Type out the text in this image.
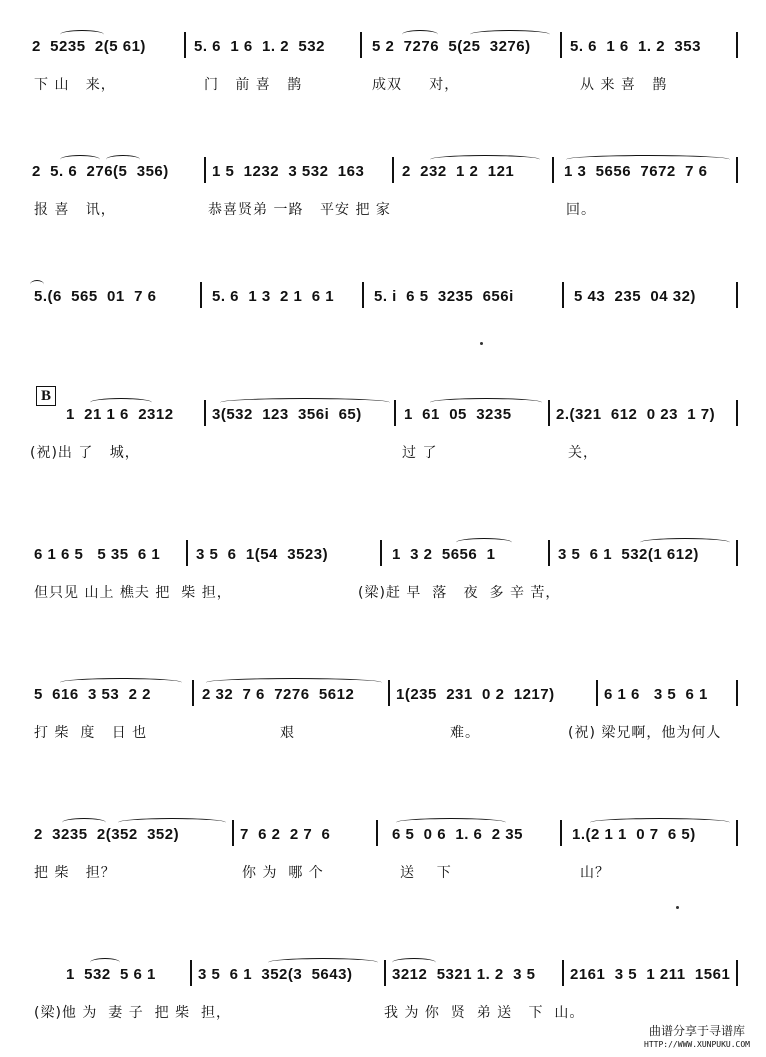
2  5235  2(5 61)	5. 6  1 6  1. 2  532	5 2  7276  5(25  3276)	5. 6  1 6  1. 2  353
下 山   来，	门   前 喜   鹊	成双     对，	从 来 喜   鹊
2  5. 6  276(5  356)	1 5  1232  3 532  163	2  232  1 2  121	1 3  5656  7672  7 6
报 喜   讯，	恭喜贤弟 一路 平安 把 家	回。
5.(6  565  01  7 6	5. 6  1 3  2 1  6 1	5. i  6 5  3235  656i	5 43  235  04 32)
B
1  21 1 6  2312	3(532  123  356i  65)	1  61  05  3235	2.(321  612  0 23  1 7)
(祝)出 了   城，	过 了	关，
6 1 6 5   5 35  6 1 3 5  6  1(54  3523)	1  3 2  5656  1	3 5  6 1  532(1 612)
但只见 山上 樵夫 把  柴 担，	(梁)赶 早  落   夜  多 辛 苦，
5  616  3 53  2 2	2 32  7 6  7276  5612	1(235  231  0 2  1217)	6 1 6   3 5  6 1
打 柴  度   日 也	艰	难。	(祝) 梁兄啊，他为何人
2  3235  2(352  352)	7  6 2  2 7  6	6 5  0 6  1. 6  2 35	1.(2 1 1  0 7  6 5)
把 柴   担？	你 为  哪 个	送    下	山？
1  532  5 6 1	3 5  6 1  352(3  5643)	3212  5321 1. 2  3 5 2161  3 5  1 211  1561
(梁)他 为  妻 子  把 柴  担，	我 为 你  贤  弟 送   下  山。
曲谱分享于寻谱库
HTTP://WWW.XUNPUKU.COM
